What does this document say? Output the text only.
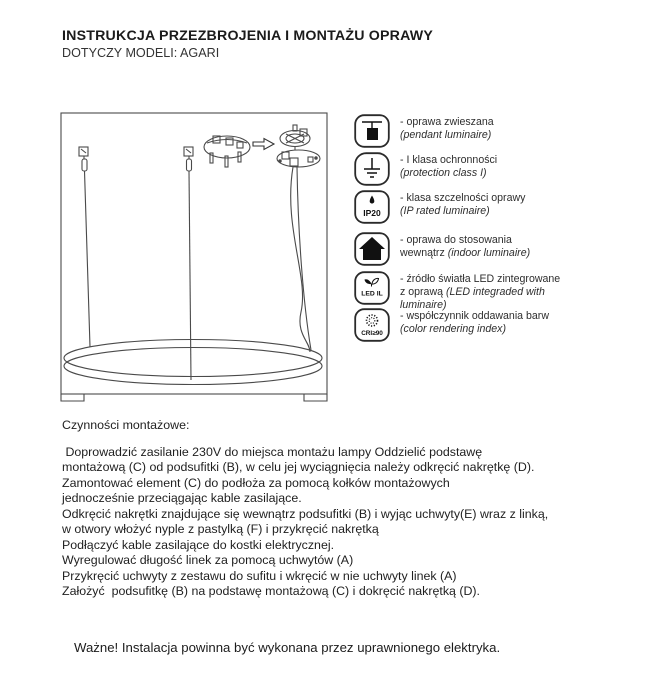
INSTRUKCJA PRZEZBROJENIA I MONTAŻU OPRAWY
DOTYCZY MODELI: AGARI
- oprawa zwieszana
(pendant luminaire)
- I klasa ochronności
(protection class I)
IP20
- klasa szczelności oprawy
(IP rated luminaire)
- oprawa do stosowania
wewnątrz (indoor luminaire)
LED IL
- źródło światła LED zintegrowane
z oprawą (LED integraded with
luminaire)
CRI≥90
- współczynnik oddawania barw
(color rendering index)
Czynności montażowe:
Doprowadzić zasilanie 230V do miejsca montażu lampy Oddzielić podstawę
montażową (C) od podsufitki (B), w celu jej wyciągnięcia należy odkręcić nakrętkę (D).
Zamontować element (C) do podłoża za pomocą kołków montażowych
jednocześnie przeciągając kable zasilające.
Odkręcić nakrętki znajdujące się wewnątrz podsufitki (B) i wyjąc uchwyty(E) wraz z linką,
w otwory włożyć nyple z pastylką (F) i przykręcić nakrętką
Podłączyć kable zasilające do kostki elektrycznej.
Wyregulować długość linek za pomocą uchwytów (A)
Przykręcić uchwyty z zestawu do sufitu i wkręcić w nie uchwyty linek (A)
Założyć  podsufitkę (B) na podstawę montażową (C) i dokręcić nakrętką (D).
Ważne! Instalacja powinna być wykonana przez uprawnionego elektryka.
